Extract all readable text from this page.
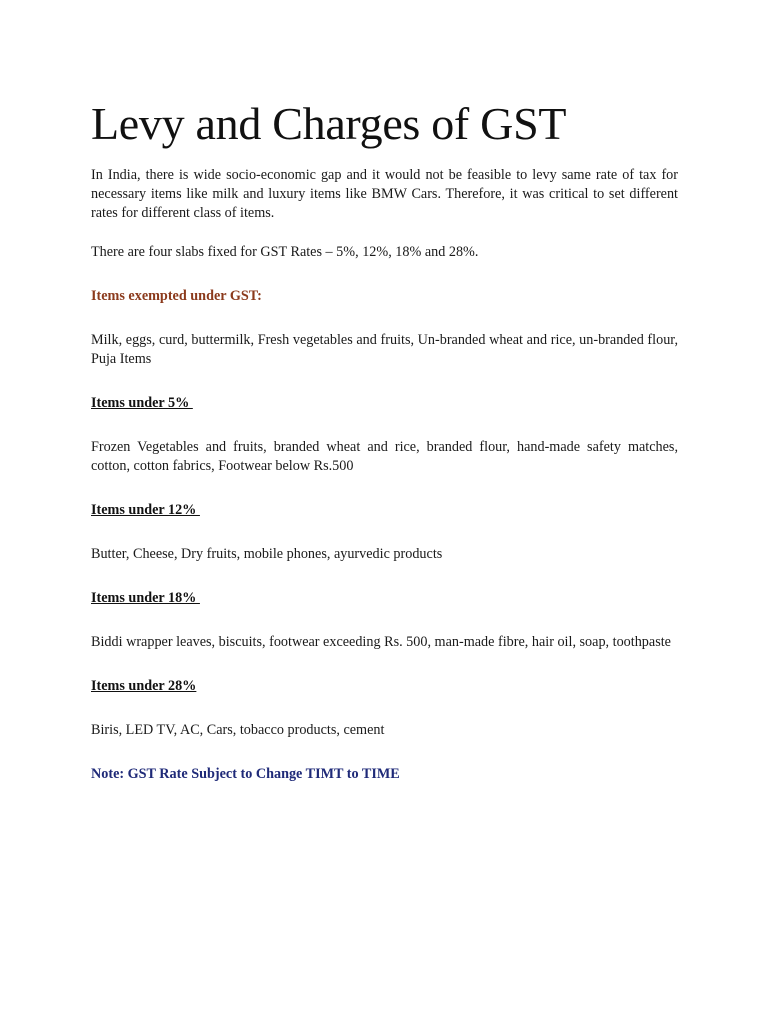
Levy and Charges of GST

In India, there is wide socio-economic gap and it would not be feasible to levy same rate of tax for necessary items like milk and luxury items like BMW Cars. Therefore, it was critical to set different rates for different class of items.

There are four slabs fixed for GST Rates – 5%, 12%, 18% and 28%.

Items exempted under GST:

Milk, eggs, curd, buttermilk, Fresh vegetables and fruits, Un-branded wheat and rice, un-branded flour, Puja Items

Items under 5%

Frozen Vegetables and fruits, branded wheat and rice, branded flour, hand-made safety matches, cotton, cotton fabrics, Footwear below Rs.500

Items under 12%

Butter, Cheese, Dry fruits, mobile phones, ayurvedic products

Items under 18%

Biddi wrapper leaves, biscuits, footwear exceeding Rs. 500, man-made fibre, hair oil, soap, toothpaste

Items under 28%

Biris, LED TV, AC, Cars, tobacco products, cement

Note: GST Rate Subject to Change TIMT to TIME
